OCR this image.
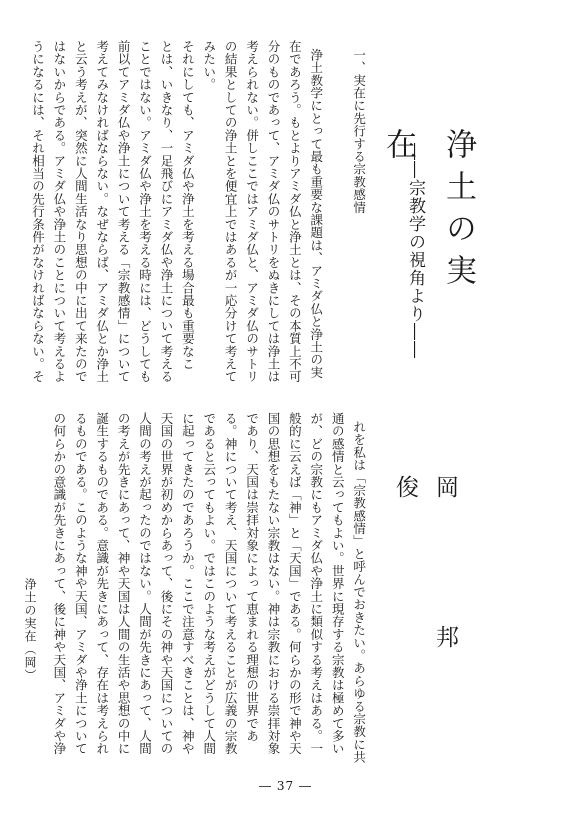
浄土の実在
――宗教学の視角より――
岡　邦　俊

一、実在に先行する宗教感情

浄土教学にとって最も重要な課題は、アミダ仏と浄土の実
在であろう。もとよりアミダ仏と浄土とは、その本質上不可
分のものであって、アミダ仏のサトリをぬきにしては浄土は
考えられない。併しここではアミダ仏と、アミダ仏のサトリ
の結果としての浄土とを便宜上ではあるが一応分けて考えて
みたい。
それにしても、アミダ仏や浄土を考える場合最も重要なこ
とは、いきなり、一足飛びにアミダ仏や浄土について考える
ことではない。アミダ仏や浄土を考える時には、どうしても
前以てアミダ仏や浄土について考える「宗教感情」について
考えてみなければならない。なぜならば、アミダ仏とか浄土
と云う考えが、突然に人間生活なり思想の中に出て来たので
はないからである。アミダ仏や浄土のことについて考えるよ
うになるには、それ相当の先行条件がなければならない。そ

れを私は「宗教感情」と呼んでおきたい。あらゆる宗教に共
通の感情と云ってもよい。世界に現存する宗教は極めて多い
が、どの宗教にもアミダ仏や浄土に類似する考えはある。一
般的に云えば「神」と「天国」である。何らかの形で神や天
国の思想をもたない宗教はない。神は宗教における崇拝対象
であり、天国は崇拝対象によって恵まれる理想の世界であ
る。神について考え、天国について考えることが広義の宗教
であると云ってもよい。ではこのような考えがどうして人間
に起ってきたのであろうか。ここで注意すべきことは、神や
天国の世界が初めからあって、後にその神や天国についての
人間の考えが起ったのではない。人間が先きにあって、人間
の考えが先きにあって、神や天国は人間の生活や思想の中に
誕生するものである。意識が先きにあって、存在は考えられ
るものである。このような神や天国、アミダや浄土について
の何らかの意識が先きにあって、後に神や天国、アミダや浄

浄土の実在（岡）
― 37 ―
